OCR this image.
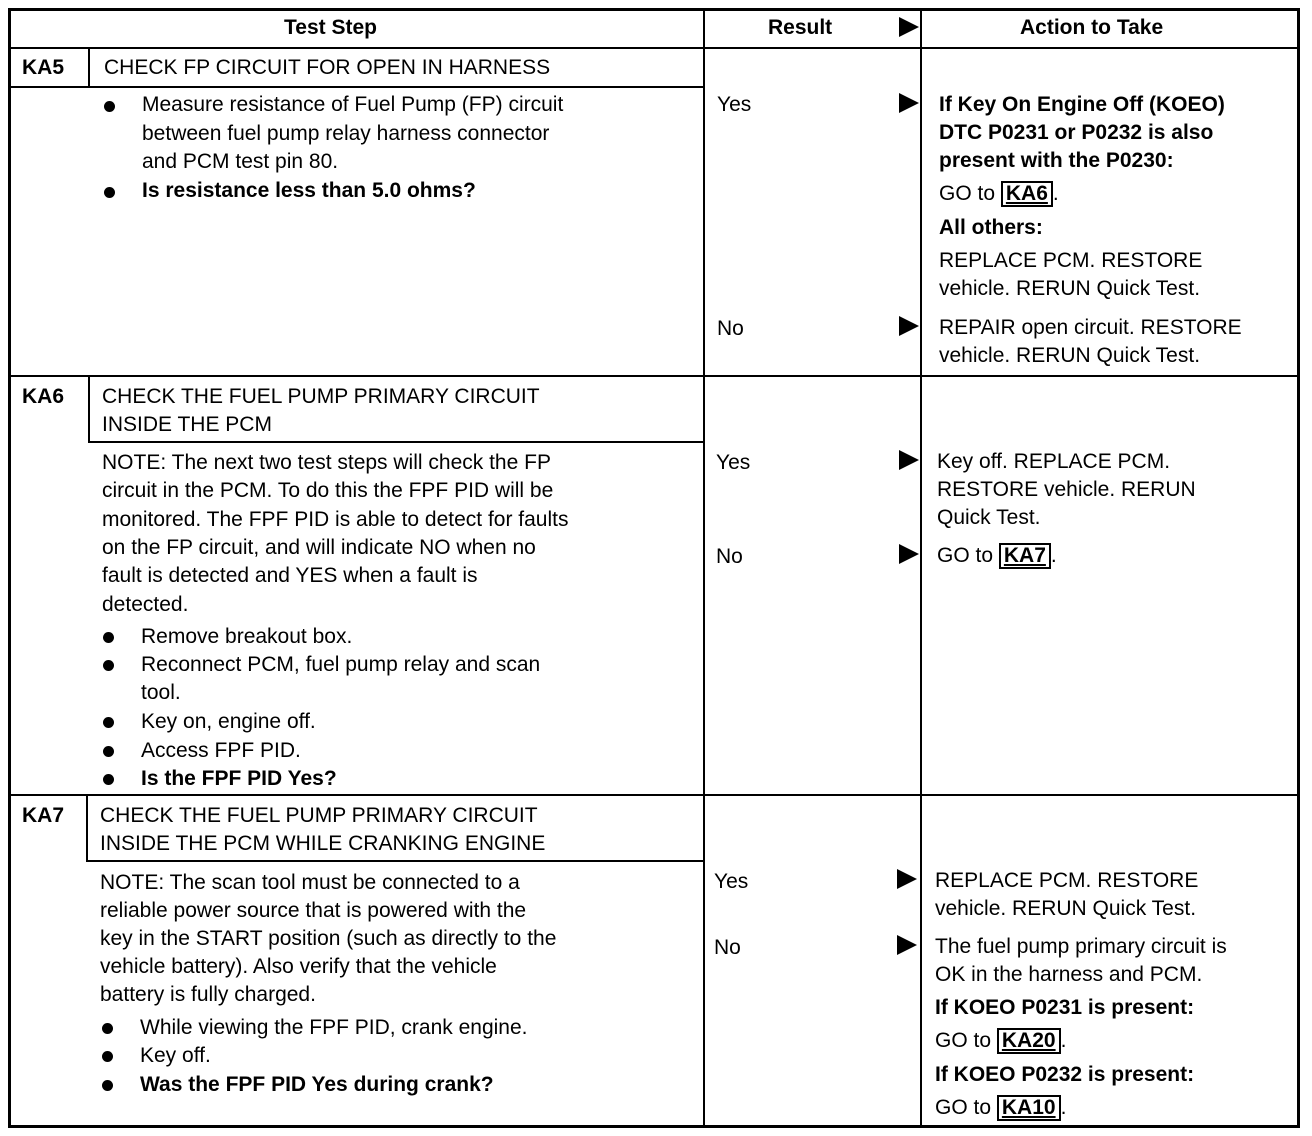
Test Step	Result	Action to Take
KA5 CHECK FP CIRCUIT FOR OPEN IN HARNESS
Measure resistance of Fuel Pump (FP) circuit
between fuel pump relay harness connector
and PCM test pin 80.
Is resistance less than 5.0 ohms?
Yes	If Key On Engine Off (KOEO)
DTC P0231 or P0232 is also
present with the P0230:
GO to KA6 .
All others:
REPLACE PCM. RESTORE
vehicle. RERUN Quick Test.
No	REPAIR open circuit. RESTORE
vehicle. RERUN Quick Test.
KA6 CHECK THE FUEL PUMP PRIMARY CIRCUIT
INSIDE THE PCM
NOTE: The next two test steps will check the FP
circuit in the PCM. To do this the FPF PID will be
monitored. The FPF PID is able to detect for faults
on the FP circuit, and will indicate NO when no
fault is detected and YES when a fault is
detected.
Remove breakout box.
Reconnect PCM, fuel pump relay and scan
tool.
Key on, engine off.
Access FPF PID.
Is the FPF PID Yes?
Yes	Key off. REPLACE PCM.
RESTORE vehicle. RERUN
Quick Test.
No	GO to KA7 .
KA7 CHECK THE FUEL PUMP PRIMARY CIRCUIT
INSIDE THE PCM WHILE CRANKING ENGINE
NOTE: The scan tool must be connected to a
reliable power source that is powered with the
key in the START position (such as directly to the
vehicle battery). Also verify that the vehicle
battery is fully charged.
While viewing the FPF PID, crank engine.
Key off.
Was the FPF PID Yes during crank?
Yes	REPLACE PCM. RESTORE
vehicle. RERUN Quick Test.
No	The fuel pump primary circuit is
OK in the harness and PCM.
If KOEO P0231 is present:
GO to KA20 .
If KOEO P0232 is present:
GO to KA10 .
